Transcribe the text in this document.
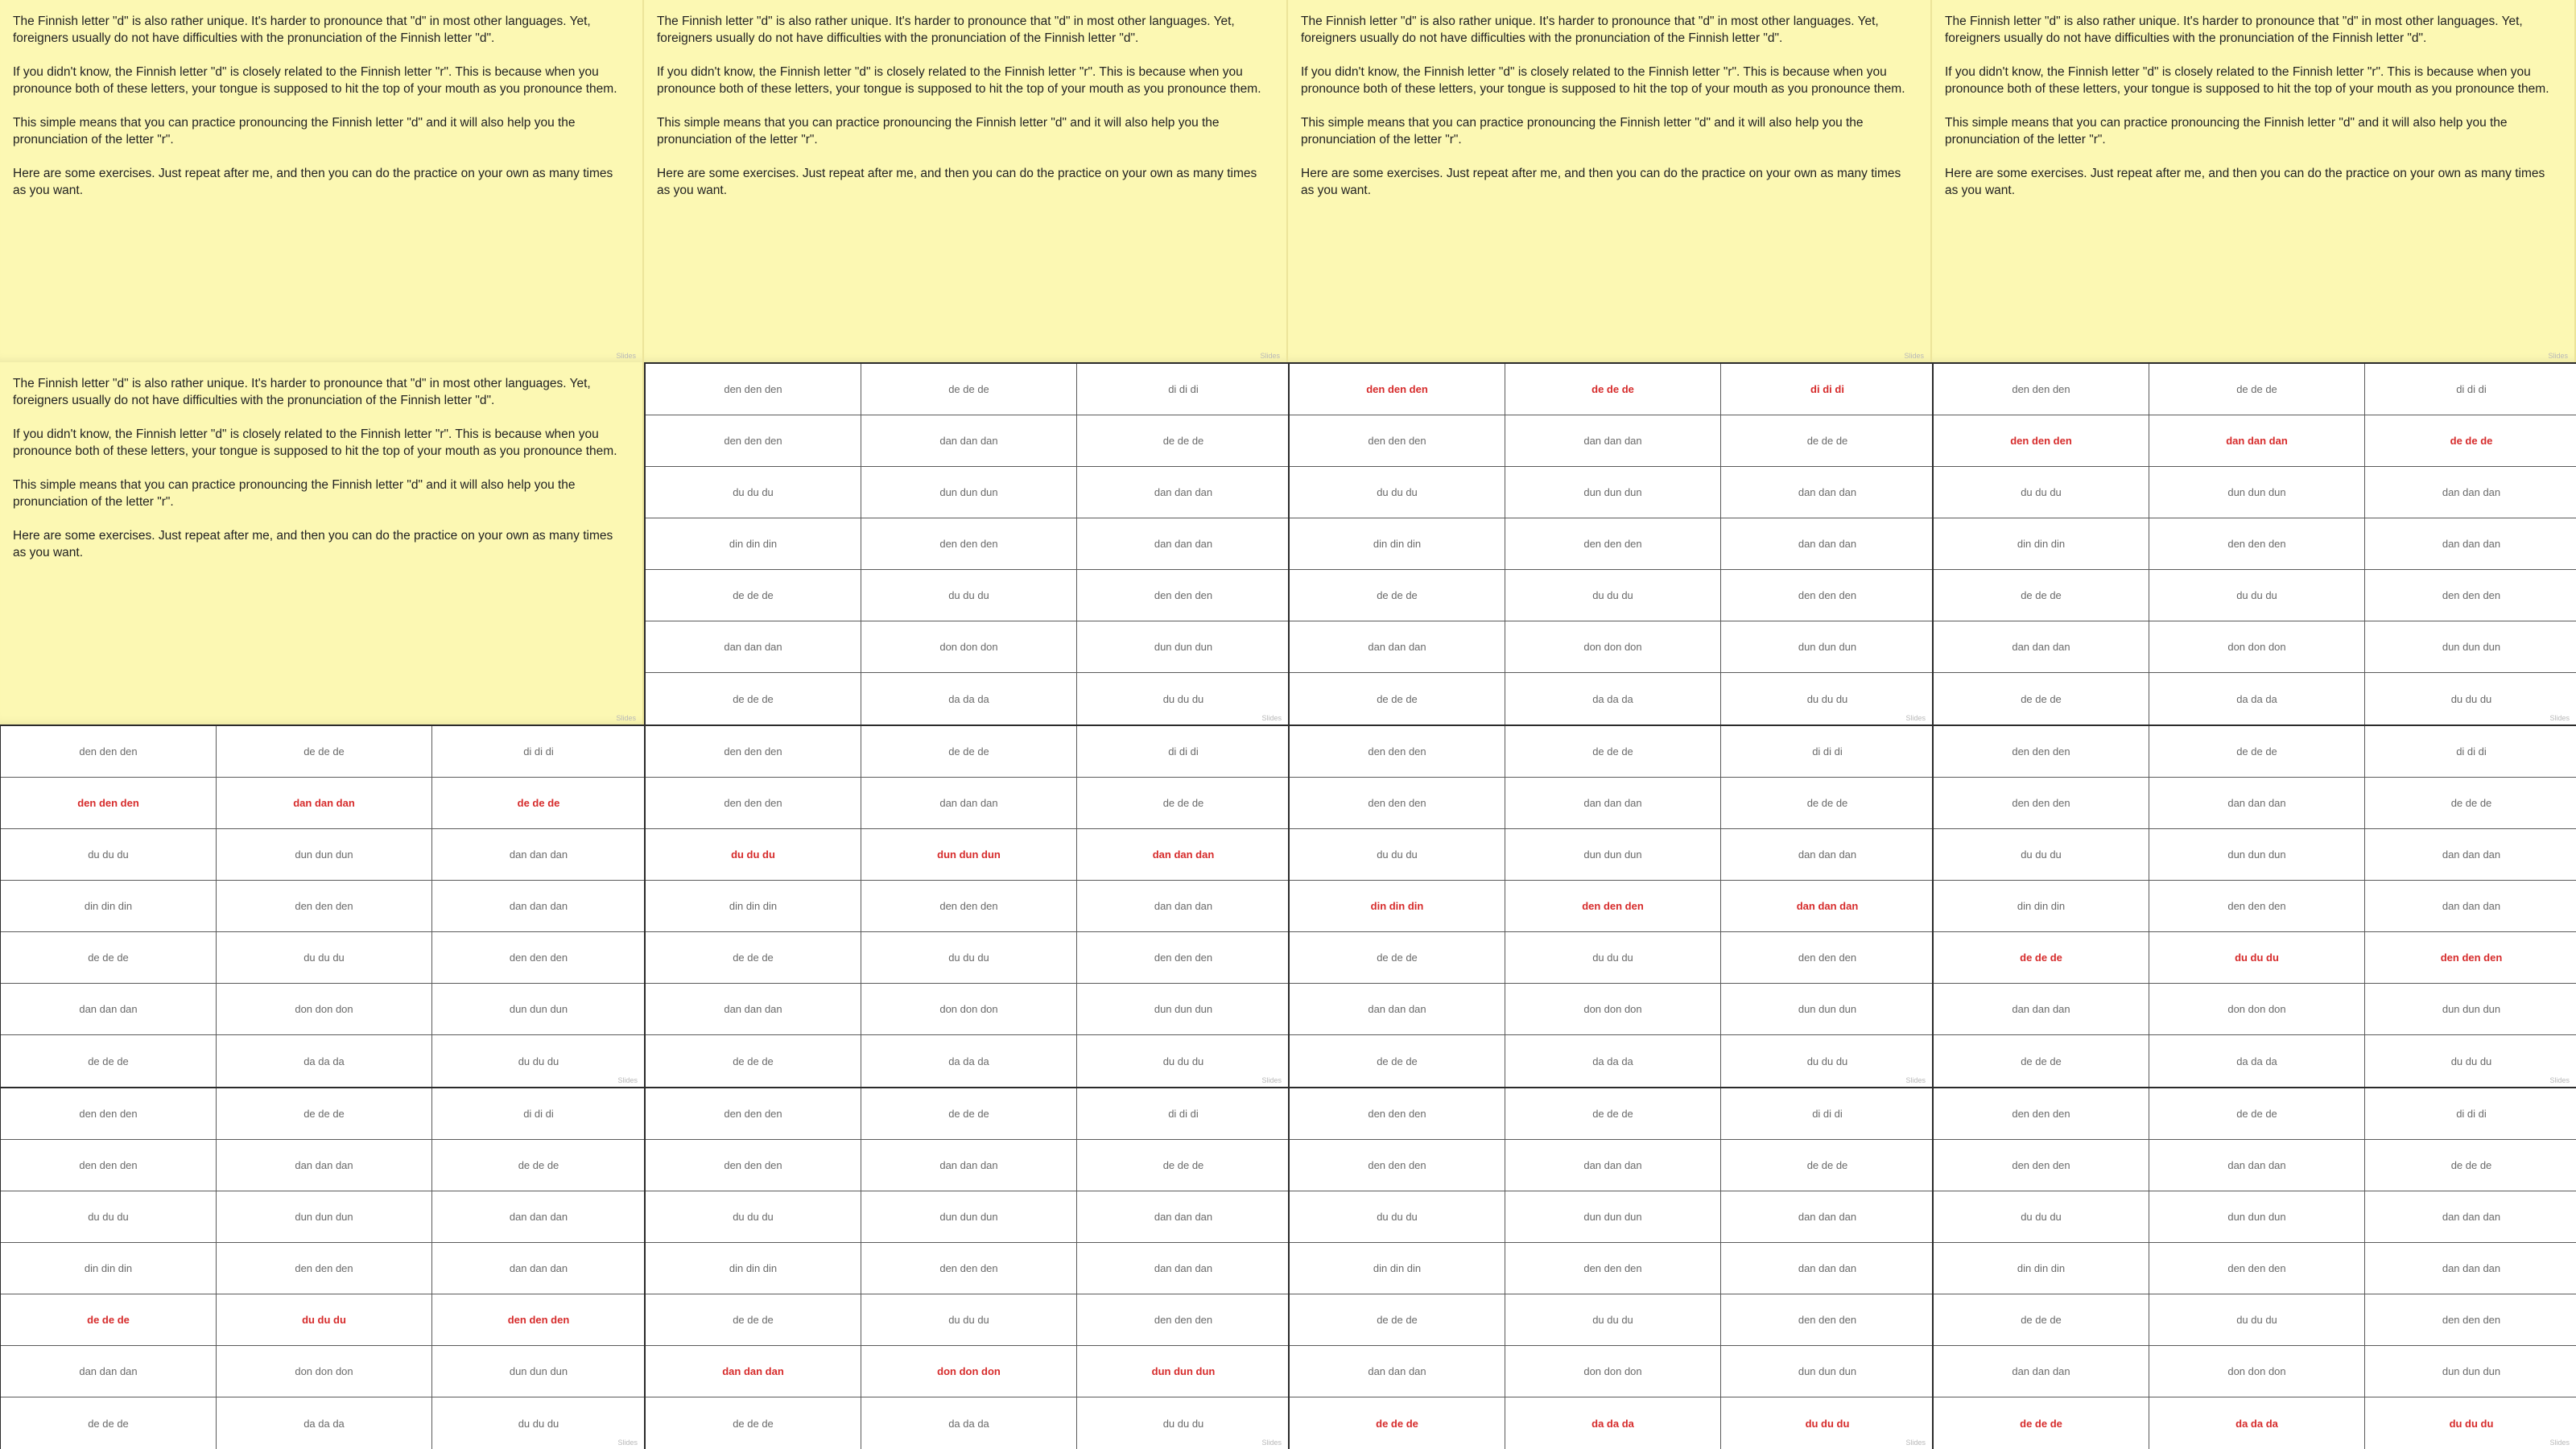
The Finnish letter "d" is also rather unique. It's harder to pronounce that "d" in most other languages. Yet, foreigners usually do not have difficulties with the pronunciation of the Finnish letter "d".

If you didn't know, the Finnish letter "d" is closely related to the Finnish letter "r". This is because when you pronounce both of these letters, your tongue is supposed to hit the top of your mouth as you pronounce them.

This simple means that you can practice pronouncing the Finnish letter "d" and it will also help you the pronunciation of the letter "r".

Here are some exercises. Just repeat after me, and then you can do the practice on your own as many times as you want.
Slides
The Finnish letter "d" is also rather unique. It's harder to pronounce that "d" in most other languages. Yet, foreigners usually do not have difficulties with the pronunciation of the Finnish letter "d".

If you didn't know, the Finnish letter "d" is closely related to the Finnish letter "r". This is because when you pronounce both of these letters, your tongue is supposed to hit the top of your mouth as you pronounce them.

This simple means that you can practice pronouncing the Finnish letter "d" and it will also help you the pronunciation of the letter "r".

Here are some exercises. Just repeat after me, and then you can do the practice on your own as many times as you want.
Slides
The Finnish letter "d" is also rather unique. It's harder to pronounce that "d" in most other languages. Yet, foreigners usually do not have difficulties with the pronunciation of the Finnish letter "d".

If you didn't know, the Finnish letter "d" is closely related to the Finnish letter "r". This is because when you pronounce both of these letters, your tongue is supposed to hit the top of your mouth as you pronounce them.

This simple means that you can practice pronouncing the Finnish letter "d" and it will also help you the pronunciation of the letter "r".

Here are some exercises. Just repeat after me, and then you can do the practice on your own as many times as you want.
Slides
The Finnish letter "d" is also rather unique. It's harder to pronounce that "d" in most other languages. Yet, foreigners usually do not have difficulties with the pronunciation of the Finnish letter "d".

If you didn't know, the Finnish letter "d" is closely related to the Finnish letter "r". This is because when you pronounce both of these letters, your tongue is supposed to hit the top of your mouth as you pronounce them.

This simple means that you can practice pronouncing the Finnish letter "d" and it will also help you the pronunciation of the letter "r".

Here are some exercises. Just repeat after me, and then you can do the practice on your own as many times as you want.
Slides
The Finnish letter "d" is also rather unique. It's harder to pronounce that "d" in most other languages. Yet, foreigners usually do not have difficulties with the pronunciation of the Finnish letter "d".

If you didn't know, the Finnish letter "d" is closely related to the Finnish letter "r". This is because when you pronounce both of these letters, your tongue is supposed to hit the top of your mouth as you pronounce them.

This simple means that you can practice pronouncing the Finnish letter "d" and it will also help you the pronunciation of the letter "r".

Here are some exercises. Just repeat after me, and then you can do the practice on your own as many times as you want.
Slides
den den den	de de de	di di di
den den den	dan dan dan	de de de
du du du	dun dun dun	dan dan dan
din din din	den den den	dan dan dan
de de de	du du du	den den den
dan dan dan	don don don	dun dun dun
de de de	da da da	du du du
Slides
den den den	de de de	di di di
den den den	dan dan dan	de de de
du du du	dun dun dun	dan dan dan
din din din	den den den	dan dan dan
de de de	du du du	den den den
dan dan dan	don don don	dun dun dun
de de de	da da da	du du du
Slides
den den den	de de de	di di di
den den den	dan dan dan	de de de
du du du	dun dun dun	dan dan dan
din din din	den den den	dan dan dan
de de de	du du du	den den den
dan dan dan	don don don	dun dun dun
de de de	da da da	du du du
Slides
den den den	de de de	di di di
den den den	dan dan dan	de de de
du du du	dun dun dun	dan dan dan
din din din	den den den	dan dan dan
de de de	du du du	den den den
dan dan dan	don don don	dun dun dun
de de de	da da da	du du du
Slides
den den den	de de de	di di di
den den den	dan dan dan	de de de
du du du	dun dun dun	dan dan dan
din din din	den den den	dan dan dan
de de de	du du du	den den den
dan dan dan	don don don	dun dun dun
de de de	da da da	du du du
Slides
den den den	de de de	di di di
den den den	dan dan dan	de de de
du du du	dun dun dun	dan dan dan
din din din	den den den	dan dan dan
de de de	du du du	den den den
dan dan dan	don don don	dun dun dun
de de de	da da da	du du du
Slides
den den den	de de de	di di di
den den den	dan dan dan	de de de
du du du	dun dun dun	dan dan dan
din din din	den den den	dan dan dan
de de de	du du du	den den den
dan dan dan	don don don	dun dun dun
de de de	da da da	du du du
Slides
den den den	de de de	di di di
den den den	dan dan dan	de de de
du du du	dun dun dun	dan dan dan
din din din	den den den	dan dan dan
de de de	du du du	den den den
dan dan dan	don don don	dun dun dun
de de de	da da da	du du du
Slides
den den den	de de de	di di di
den den den	dan dan dan	de de de
du du du	dun dun dun	dan dan dan
din din din	den den den	dan dan dan
de de de	du du du	den den den
dan dan dan	don don don	dun dun dun
de de de	da da da	du du du
Slides
den den den	de de de	di di di
den den den	dan dan dan	de de de
du du du	dun dun dun	dan dan dan
din din din	den den den	dan dan dan
de de de	du du du	den den den
dan dan dan	don don don	dun dun dun
de de de	da da da	du du du
Slides
den den den	de de de	di di di
den den den	dan dan dan	de de de
du du du	dun dun dun	dan dan dan
din din din	den den den	dan dan dan
de de de	du du du	den den den
dan dan dan	don don don	dun dun dun
de de de	da da da	du du du
Slides
